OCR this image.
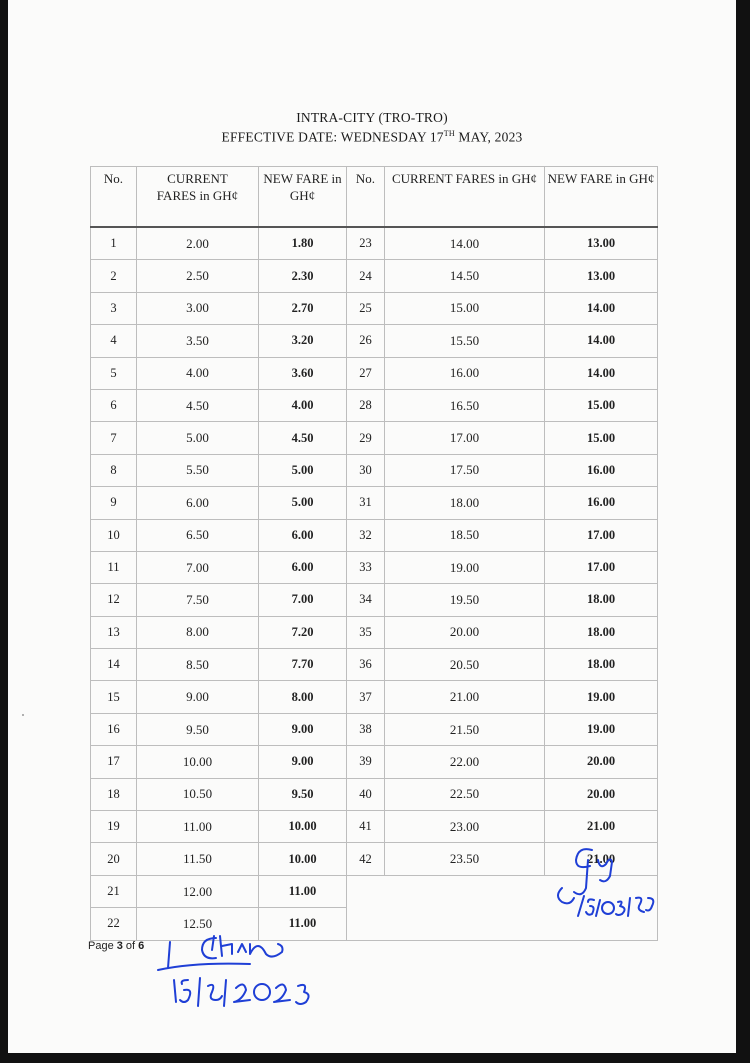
INTRA-CITY (TRO-TRO)
EFFECTIVE DATE: WEDNESDAY 17TH MAY, 2023
No.	CURRENT FARES in GH¢	NEW FARE in GH¢	No.	CURRENT FARES in GH¢	NEW FARE in GH¢
1	2.00	1.80	23	14.00	13.00
2	2.50	2.30	24	14.50	13.00
3	3.00	2.70	25	15.00	14.00
4	3.50	3.20	26	15.50	14.00
5	4.00	3.60	27	16.00	14.00
6	4.50	4.00	28	16.50	15.00
7	5.00	4.50	29	17.00	15.00
8	5.50	5.00	30	17.50	16.00
9	6.00	5.00	31	18.00	16.00
10	6.50	6.00	32	18.50	17.00
11	7.00	6.00	33	19.00	17.00
12	7.50	7.00	34	19.50	18.00
13	8.00	7.20	35	20.00	18.00
14	8.50	7.70	36	20.50	18.00
15	9.00	8.00	37	21.00	19.00
16	9.50	9.00	38	21.50	19.00
17	10.00	9.00	39	22.00	20.00
18	10.50	9.50	40	22.50	20.00
19	11.00	10.00	41	23.00	21.00
20	11.50	10.00	42	23.50	21.00
21	12.00	11.00			
22	12.50	11.00			
Page 3 of 6
